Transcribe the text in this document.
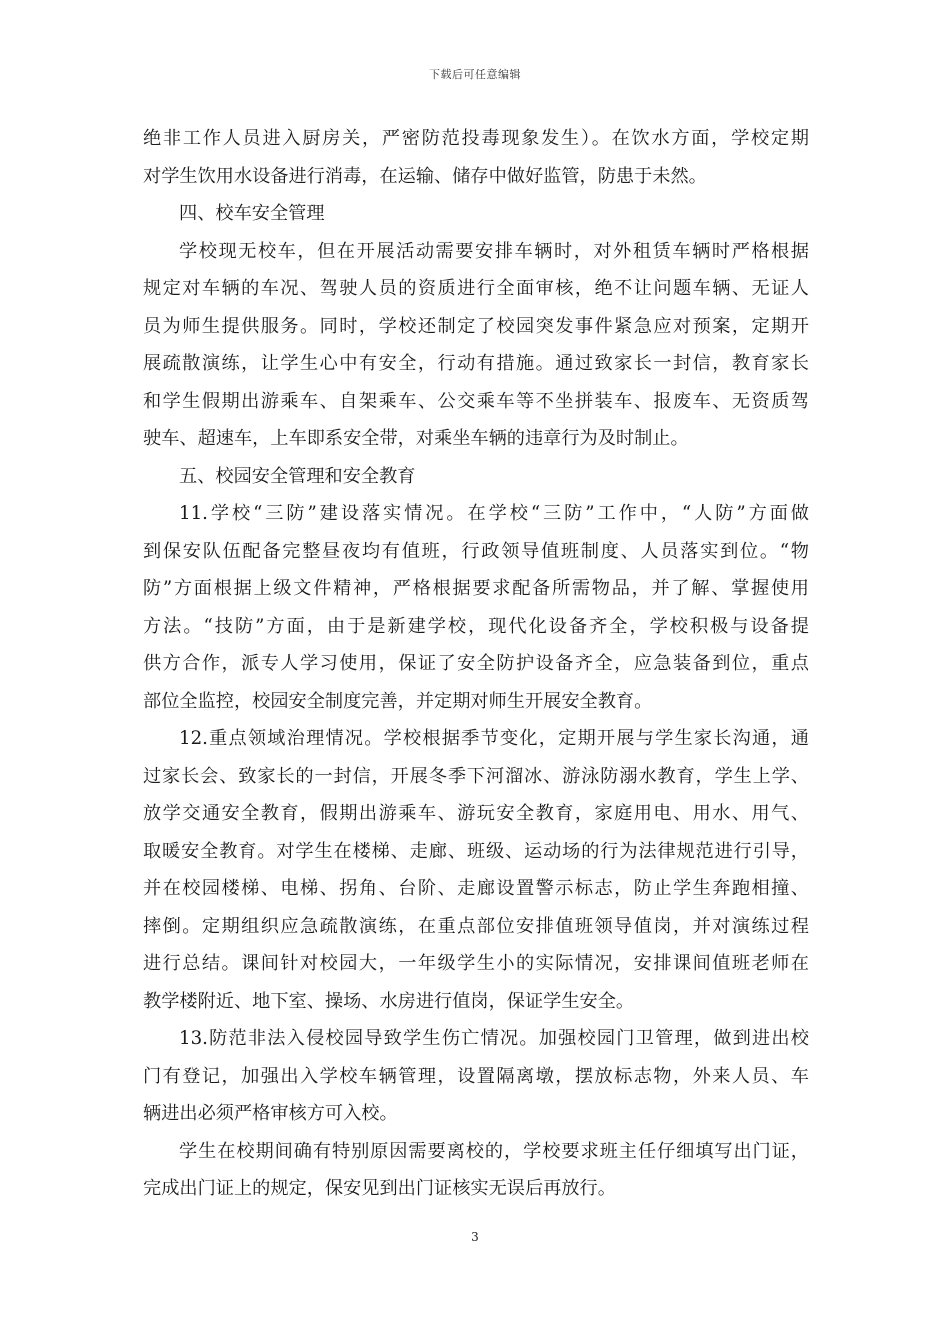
下载后可任意编辑
绝非工作人员进入厨房关，严密防范投毒现象发生）。在饮水方面，学校定期
对学生饮用水设备进行消毒，在运输、储存中做好监管，防患于未然。
四、校车安全管理
学校现无校车，但在开展活动需要安排车辆时，对外租赁车辆时严格根据
规定对车辆的车况、驾驶人员的资质进行全面审核，绝不让问题车辆、无证人
员为师生提供服务。同时，学校还制定了校园突发事件紧急应对预案，定期开
展疏散演练，让学生心中有安全，行动有措施。通过致家长一封信，教育家长
和学生假期出游乘车、自架乘车、公交乘车等不坐拼装车、报废车、无资质驾
驶车、超速车，上车即系安全带，对乘坐车辆的违章行为及时制止。
五、校园安全管理和安全教育
11.学校“三防”建设落实情况。在学校“三防”工作中，“人防”方面做
到保安队伍配备完整昼夜均有值班，行政领导值班制度、人员落实到位。“物
防”方面根据上级文件精神，严格根据要求配备所需物品，并了解、掌握使用
方法。“技防”方面，由于是新建学校，现代化设备齐全，学校积极与设备提
供方合作，派专人学习使用，保证了安全防护设备齐全，应急装备到位，重点
部位全监控，校园安全制度完善，并定期对师生开展安全教育。
12.重点领域治理情况。学校根据季节变化，定期开展与学生家长沟通，通
过家长会、致家长的一封信，开展冬季下河溜冰、游泳防溺水教育，学生上学、
放学交通安全教育，假期出游乘车、游玩安全教育，家庭用电、用水、用气、
取暖安全教育。对学生在楼梯、走廊、班级、运动场的行为法律规范进行引导，
并在校园楼梯、电梯、拐角、台阶、走廊设置警示标志，防止学生奔跑相撞、
摔倒。定期组织应急疏散演练，在重点部位安排值班领导值岗，并对演练过程
进行总结。课间针对校园大，一年级学生小的实际情况，安排课间值班老师在
教学楼附近、地下室、操场、水房进行值岗，保证学生安全。
13.防范非法入侵校园导致学生伤亡情况。加强校园门卫管理，做到进出校
门有登记，加强出入学校车辆管理，设置隔离墩，摆放标志物，外来人员、车
辆进出必须严格审核方可入校。
学生在校期间确有特别原因需要离校的，学校要求班主任仔细填写出门证，
完成出门证上的规定，保安见到出门证核实无误后再放行。
3
